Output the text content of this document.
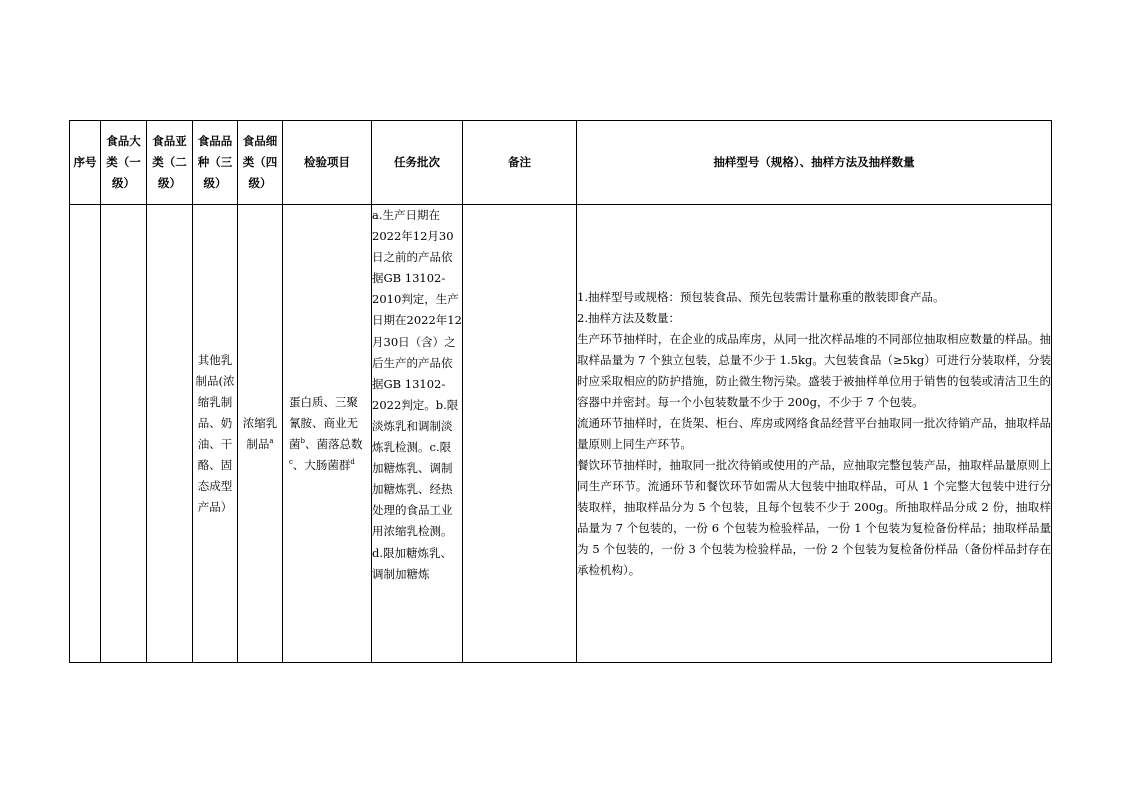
序号	食品大类（一级）	食品亚类（二级）	食品品种（三级）	食品细类（四级）	检验项目	任务批次	备注	抽样型号（规格）、抽样方法及抽样数量
			其他乳制品(浓缩乳制品、奶油、干酪、固态成型产品）	浓缩乳制品$^a$	蛋白质、三聚氰胺、商业无菌$^b$、菌落总数$^c$、大肠菌群$^d$	a.生产日期在2022年12月30日之前的产品依据GB 13102- 2010判定，生产日期在2022年12月30日（含）之后生产的产品依据GB 13102-2022判定。b.限淡炼乳和调制淡炼乳检测。c.限加糖炼乳、调制加糖炼乳、经热处理的食品工业用浓缩乳检测。d.限加糖炼乳、调制加糖炼		1.抽样型号或规格：预包装食品、预先包装需计量称重的散装即食产品。
2.抽样方法及数量：
生产环节抽样时，在企业的成品库房，从同一批次样品堆的不同部位抽取相应数量的样品。抽取样品量为 7 个独立包装，总量不少于 1.5kg。大包装食品（≥5kg）可进行分装取样，分装时应采取相应的防护措施，防止微生物污染。盛装于被抽样单位用于销售的包装或清洁卫生的容器中并密封。每一个小包装数量不少于 200g，不少于 7 个包装。
流通环节抽样时，在货架、柜台、库房或网络食品经营平台抽取同一批次待销产品，抽取样品量原则上同生产环节。
餐饮环节抽样时，抽取同一批次待销或使用的产品，应抽取完整包装产品，抽取样品量原则上同生产环节。流通环节和餐饮环节如需从大包装中抽取样品，可从 1 个完整大包装中进行分装取样，抽取样品分为 5 个包装，且每个包装不少于 200g。所抽取样品分成 2 份，抽取样品量为 7 个包装的，一份 6 个包装为检验样品，一份 1 个包装为复检备份样品；抽取样品量为 5 个包装的，一份 3 个包装为检验样品，一份 2 个包装为复检备份样品（备份样品封存在承检机构）。
